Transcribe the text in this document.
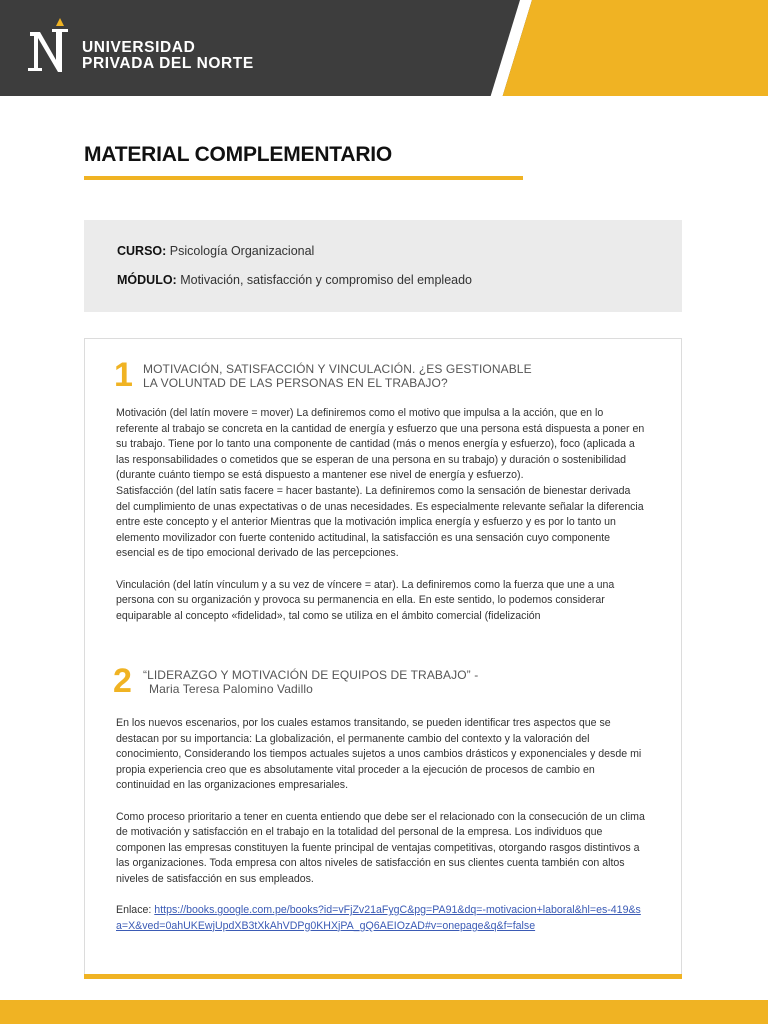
UNIVERSIDAD
PRIVADA DEL NORTE
MATERIAL COMPLEMENTARIO
CURSO: Psicología Organizacional
MÓDULO: Motivación, satisfacción y compromiso del empleado
1 MOTIVACIÓN, SATISFACCIÓN Y VINCULACIÓN. ¿ES GESTIONABLE
LA VOLUNTAD DE LAS PERSONAS EN EL TRABAJO?

Motivación (del latín movere = mover) La definiremos como el motivo que impulsa a la acción, que en lo referente al trabajo se concreta en la cantidad de energía y esfuerzo que una persona está dispuesta a poner en su trabajo. Tiene por lo tanto una componente de cantidad (más o menos energía y esfuerzo), foco (aplicada a las responsabilidades o cometidos que se esperan de una persona en su trabajo) y duración o sostenibilidad (durante cuánto tiempo se está dispuesto a mantener ese nivel de energía y esfuerzo).

Satisfacción (del latín satis facere = hacer bastante). La definiremos como la sensación de bienestar derivada del cumplimiento de unas expectativas o de unas necesidades. Es especialmente relevante señalar la diferencia entre este concepto y el anterior Mientras que la motivación implica energía y esfuerzo y es por lo tanto un elemento movilizador con fuerte contenido actitudinal, la satisfacción es una sensación cuyo componente esencial es de tipo emocional derivado de las percepciones.

Vinculación (del latín vínculum y a su vez de víncere = atar). La definiremos como la fuerza que une a una persona con su organización y provoca su permanencia en ella. En este sentido, lo podemos considerar equiparable al concepto «fidelidad», tal como se utiliza en el ámbito comercial (fidelización

2 “LIDERAZGO Y MOTIVACIÓN DE EQUIPOS DE TRABAJO” -
Maria Teresa Palomino Vadillo

En los nuevos escenarios, por los cuales estamos transitando, se pueden identificar tres aspectos que se destacan por su importancia: La globalización, el permanente cambio del contexto y la valoración del conocimiento, Considerando los tiempos actuales sujetos a unos cambios drásticos y exponenciales y desde mi propia experiencia creo que es absolutamente vital proceder a la ejecución de procesos de cambio en continuidad en las organizaciones empresariales.

Como proceso prioritario a tener en cuenta entiendo que debe ser el relacionado con la consecución de un clima de motivación y satisfacción en el trabajo en la totalidad del personal de la empresa. Los individuos que componen las empresas constituyen la fuente principal de ventajas competitivas, otorgando rasgos distintivos a las organizaciones. Toda empresa con altos niveles de satisfacción en sus clientes cuenta también con altos niveles de satisfacción en sus empleados.

Enlace: https://books.google.com.pe/books?id=vFjZv21aFygC&pg=PA91&dq=-motivacion+laboral&hl=es-419&sa=X&ved=0ahUKEwjUpdXB3tXkAhVDPg0KHXjPA_gQ6AEIOzAD#v=onepage&q&f=false
